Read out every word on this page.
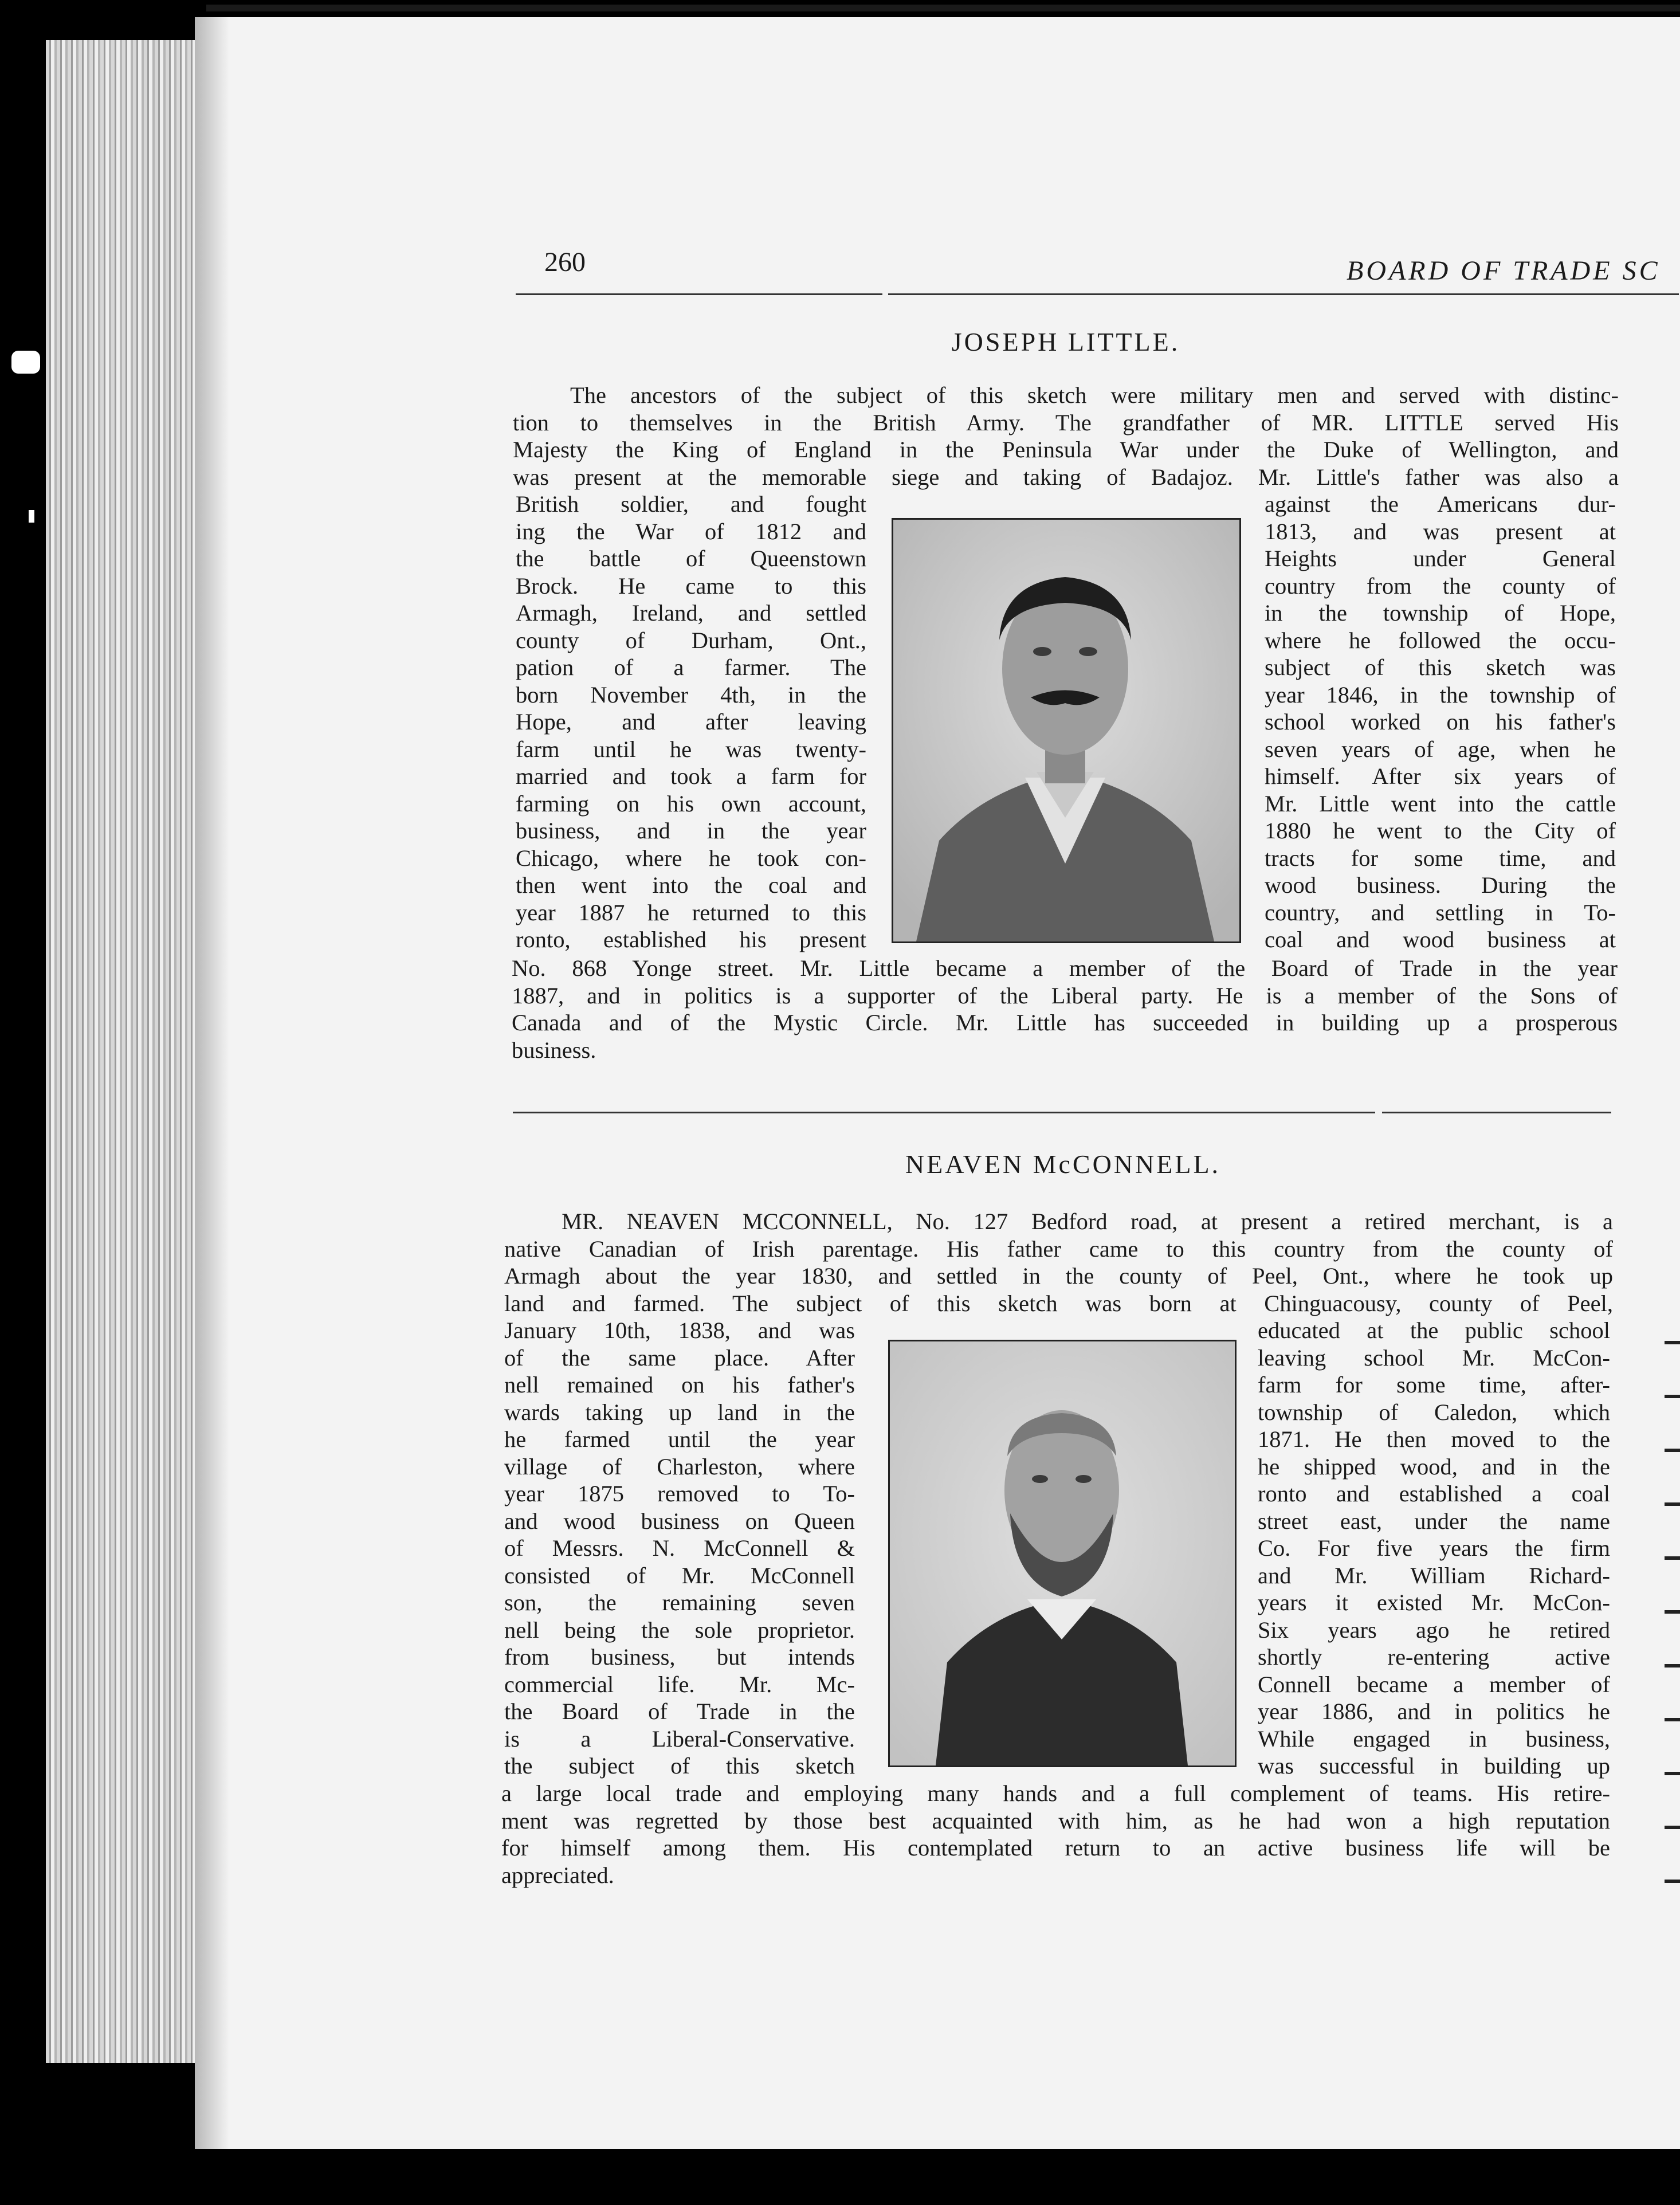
260	BOARD OF TRADE SC
JOSEPH LITTLE.

The ancestors of the subject of this sketch were military men and served with distinc-

tion to themselves in the British Army. The grandfather of MR. LITTLE served His

Majesty the King of England in the Peninsula War under the Duke of Wellington, and

was present at the memorable siege and taking of Badajoz. Mr. Little's father was also a

British soldier, and fought

ing the War of 1812 and

the battle of Queenstown

Brock. He came to this

Armagh, Ireland, and settled

county of Durham, Ont.,

pation of a farmer. The

born November 4th, in the

Hope, and after leaving

farm until he was twenty-

married and took a farm for

farming on his own account,

business, and in the year

Chicago, where he took con-

then went into the coal and

year 1887 he returned to this

ronto, established his present

against the Americans dur-

1813, and was present at

Heights under General

country from the county of

in the township of Hope,

where he followed the occu-

subject of this sketch was

year 1846, in the township of

school worked on his father's

seven years of age, when he

himself. After six years of

Mr. Little went into the cattle

1880 he went to the City of

tracts for some time, and

wood business. During the

country, and settling in To-

coal and wood business at

No. 868 Yonge street. Mr. Little became a member of the Board of Trade in the year

1887, and in politics is a supporter of the Liberal party. He is a member of the Sons of

Canada and of the Mystic Circle. Mr. Little has succeeded in building up a prosperous

business.

NEAVEN McCONNELL.

MR. NEAVEN MCCONNELL, No. 127 Bedford road, at present a retired merchant, is a

native Canadian of Irish parentage. His father came to this country from the county of

Armagh about the year 1830, and settled in the county of Peel, Ont., where he took up

land and farmed. The subject of this sketch was born at Chinguacousy, county of Peel,

January 10th, 1838, and was

of the same place. After

nell remained on his father's

wards taking up land in the

he farmed until the year

village of Charleston, where

year 1875 removed to To-

and wood business on Queen

of Messrs. N. McConnell &

consisted of Mr. McConnell

son, the remaining seven

nell being the sole proprietor.

from business, but intends

commercial life. Mr. Mc-

the Board of Trade in the

is a Liberal-Conservative.

the subject of this sketch

educated at the public school

leaving school Mr. McCon-

farm for some time, after-

township of Caledon, which

1871. He then moved to the

he shipped wood, and in the

ronto and established a coal

street east, under the name

Co. For five years the firm

and Mr. William Richard-

years it existed Mr. McCon-

Six years ago he retired

shortly re-entering active

Connell became a member of

year 1886, and in politics he

While engaged in business,

was successful in building up

a large local trade and employing many hands and a full complement of teams. His retire-

ment was regretted by those best acquainted with him, as he had won a high reputation

for himself among them. His contemplated return to an active business life will be

appreciated.
